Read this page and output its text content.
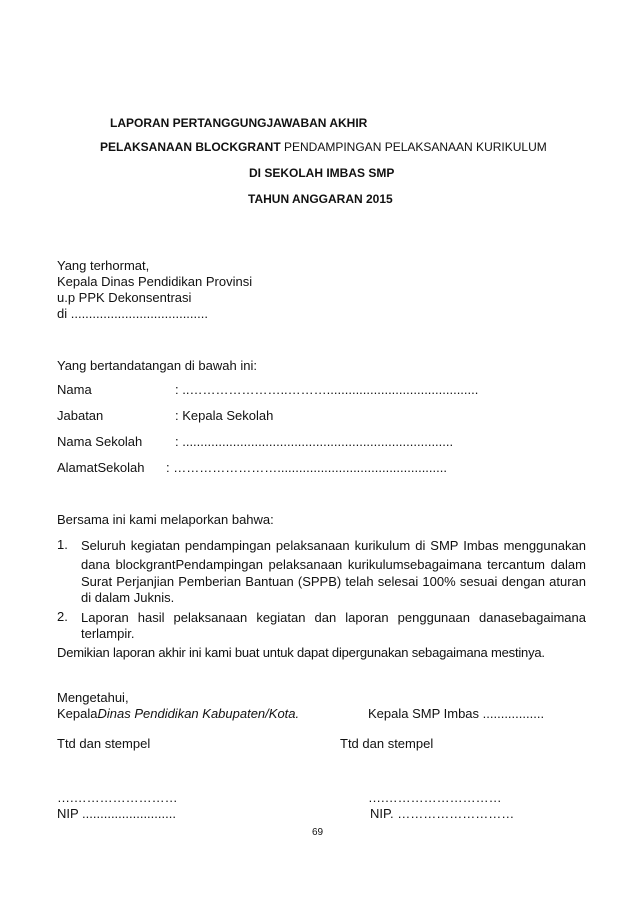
LAPORAN PERTANGGUNGJAWABAN AKHIR
PELAKSANAAN BLOCKGRANT PENDAMPINGAN PELAKSANAAN KURIKULUM
DI SEKOLAH IMBAS SMP
TAHUN ANGGARAN 2015
Yang terhormat,
Kepala Dinas Pendidikan Provinsi
u.p PPK Dekonsentrasi
di ......................................
Yang bertandatangan di bawah ini:
Nama	: ..…………………..………..........................................
Jabatan	: Kepala Sekolah
Nama Sekolah	: ...........................................................................
AlamatSekolah : ……………………...............................................
Bersama ini kami melaporkan bahwa:
1. Seluruh kegiatan pendampingan pelaksanaan kurikulum di SMP Imbas menggunakan
dana blockgrantPendampingan pelaksanaan kurikulumsebagaimana tercantum dalam
Surat Perjanjian Pemberian Bantuan (SPPB) telah selesai 100% sesuai dengan aturan
di dalam Juknis.
2. Laporan hasil pelaksanaan kegiatan dan laporan penggunaan danasebagaimana
terlampir.
Demikian laporan akhir ini kami buat untuk dapat dipergunakan sebagaimana mestinya.
Mengetahui,
KepalaDinas Pendidikan Kabupaten/Kota.	Kepala SMP Imbas .................
Ttd dan stempel	Ttd dan stempel
….……………………	….………………………
NIP ..........................	NIP. ………………………
69
